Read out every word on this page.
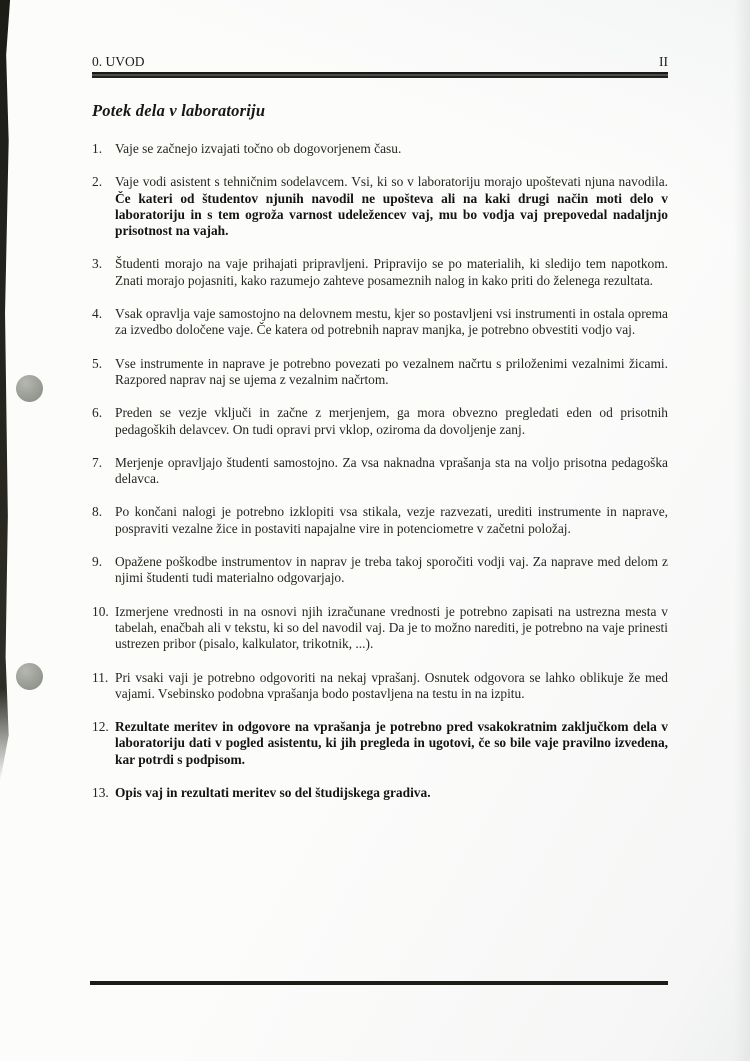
0. UVOD	II
Potek dela v laboratoriju
1. Vaje se začnejo izvajati točno ob dogovorjenem času.
2. Vaje vodi asistent s tehničnim sodelavcem. Vsi, ki so v laboratoriju morajo upoštevati njuna navodila. Če kateri od študentov njunih navodil ne upošteva ali na kaki drugi način moti delo v laboratoriju in s tem ogroža varnost udeležencev vaj, mu bo vodja vaj prepovedal nadaljnjo prisotnost na vajah.
3. Študenti morajo na vaje prihajati pripravljeni. Pripravijo se po materialih, ki sledijo tem napotkom. Znati morajo pojasniti, kako razumejo zahteve posameznih nalog in kako priti do želenega rezultata.
4. Vsak opravlja vaje samostojno na delovnem mestu, kjer so postavljeni vsi instrumenti in ostala oprema za izvedbo določene vaje. Če katera od potrebnih naprav manjka, je potrebno obvestiti vodjo vaj.
5. Vse instrumente in naprave je potrebno povezati po vezalnem načrtu s priloženimi vezalnimi žicami. Razpored naprav naj se ujema z vezalnim načrtom.
6. Preden se vezje vključi in začne z merjenjem, ga mora obvezno pregledati eden od prisotnih pedagoških delavcev. On tudi opravi prvi vklop, oziroma da dovoljenje zanj.
7. Merjenje opravljajo študenti samostojno. Za vsa naknadna vprašanja sta na voljo prisotna pedagoška delavca.
8. Po končani nalogi je potrebno izklopiti vsa stikala, vezje razvezati, urediti instrumente in naprave, pospraviti vezalne žice in postaviti napajalne vire in potenciometre v začetni položaj.
9. Opažene poškodbe instrumentov in naprav je treba takoj sporočiti vodji vaj. Za naprave med delom z njimi študenti tudi materialno odgovarjajo.
10. Izmerjene vrednosti in na osnovi njih izračunane vrednosti je potrebno zapisati na ustrezna mesta v tabelah, enačbah ali v tekstu, ki so del navodil vaj. Da je to možno narediti, je potrebno na vaje prinesti ustrezen pribor (pisalo, kalkulator, trikotnik, ...).
11. Pri vsaki vaji je potrebno odgovoriti na nekaj vprašanj. Osnutek odgovora se lahko oblikuje že med vajami. Vsebinsko podobna vprašanja bodo postavljena na testu in na izpitu.
12. Rezultate meritev in odgovore na vprašanja je potrebno pred vsakokratnim zaključkom dela v laboratoriju dati v pogled asistentu, ki jih pregleda in ugotovi, če so bile vaje pravilno izvedena, kar potrdi s podpisom.
13. Opis vaj in rezultati meritev so del študijskega gradiva.
